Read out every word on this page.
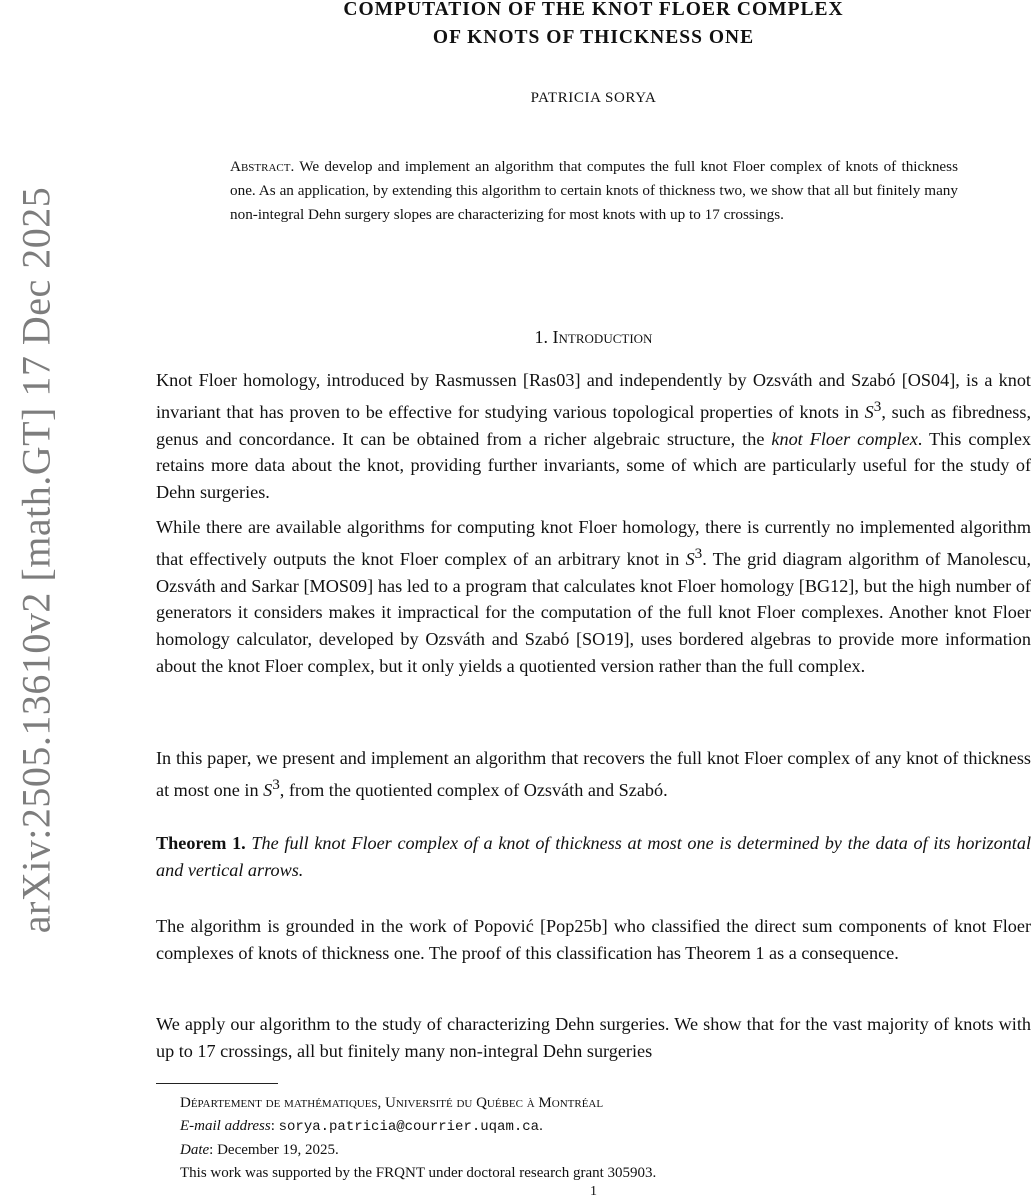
arXiv:2505.13610v2 [math.GT] 17 Dec 2025
COMPUTATION OF THE KNOT FLOER COMPLEX
OF KNOTS OF THICKNESS ONE
PATRICIA SORYA
Abstract. We develop and implement an algorithm that computes the full knot Floer complex of knots of thickness one. As an application, by extending this algorithm to certain knots of thickness two, we show that all but finitely many non-integral Dehn surgery slopes are characterizing for most knots with up to 17 crossings.
1. Introduction

Knot Floer homology, introduced by Rasmussen [Ras03] and independently by Ozsváth and Szabó [OS04], is a knot invariant that has proven to be effective for studying various topological properties of knots in $S^3$, such as fibredness, genus and concordance. It can be obtained from a richer algebraic structure, the knot Floer complex. This complex retains more data about the knot, providing further invariants, some of which are particularly useful for the study of Dehn surgeries.

While there are available algorithms for computing knot Floer homology, there is currently no implemented algorithm that effectively outputs the knot Floer complex of an arbitrary knot in $S^3$. The grid diagram algorithm of Manolescu, Ozsváth and Sarkar [MOS09] has led to a program that calculates knot Floer homology [BG12], but the high number of generators it considers makes it impractical for the computation of the full knot Floer complexes. Another knot Floer homology calculator, developed by Ozsváth and Szabó [SO19], uses bordered algebras to provide more information about the knot Floer complex, but it only yields a quotiented version rather than the full complex.

In this paper, we present and implement an algorithm that recovers the full knot Floer complex of any knot of thickness at most one in $S^3$, from the quotiented complex of Ozsváth and Szabó.

Theorem 1. The full knot Floer complex of a knot of thickness at most one is determined by the data of its horizontal and vertical arrows.

The algorithm is grounded in the work of Popović [Pop25b] who classified the direct sum components of knot Floer complexes of knots of thickness one. The proof of this classification has Theorem 1 as a consequence.

We apply our algorithm to the study of characterizing Dehn surgeries. We show that for the vast majority of knots with up to 17 crossings, all but finitely many non-integral Dehn surgeries

Département de mathématiques, Université du Québec à Montréal
E-mail address: sorya.patricia@courrier.uqam.ca.
Date: December 19, 2025.
This work was supported by the FRQNT under doctoral research grant 305903.
1
